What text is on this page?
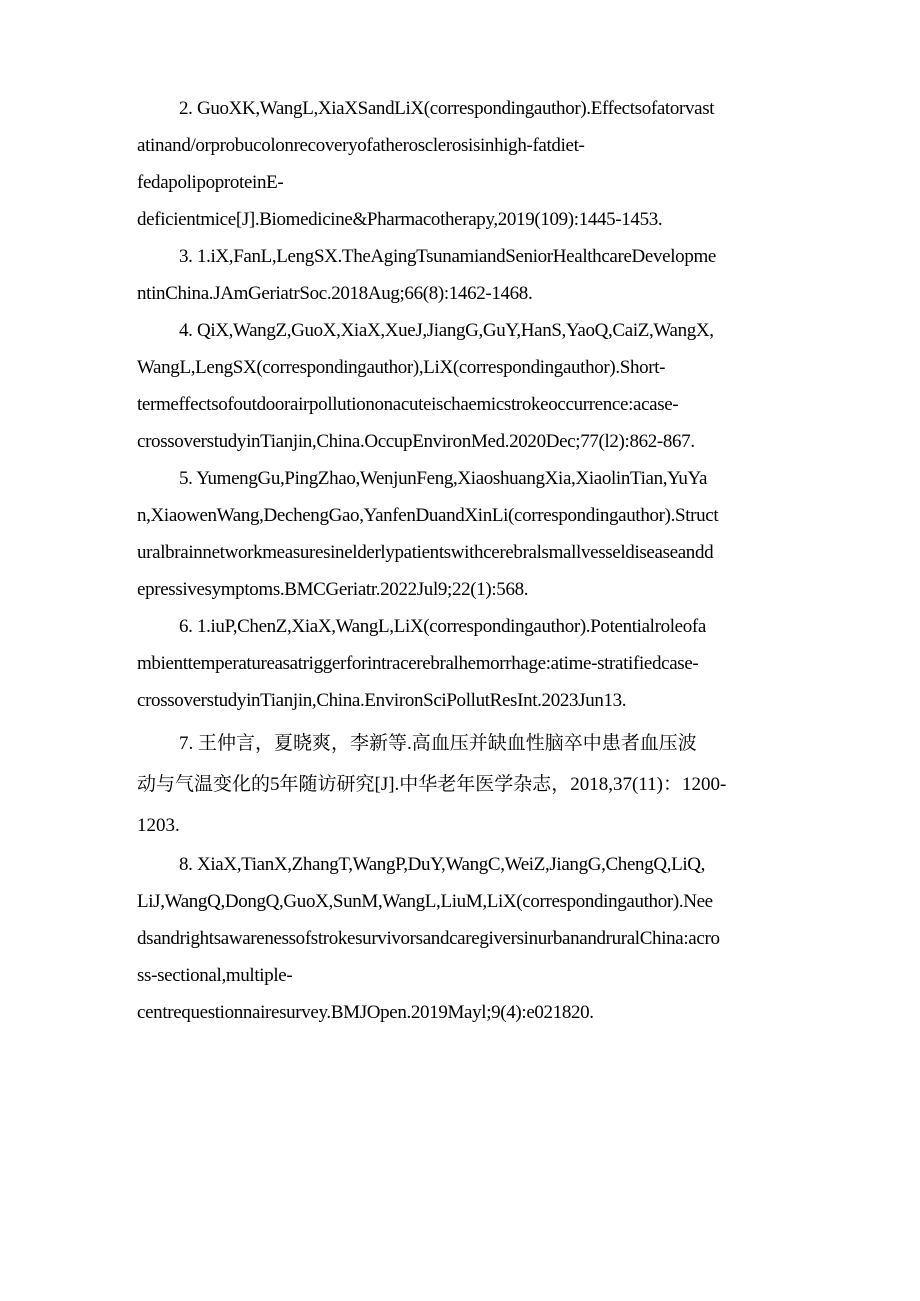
2. GuoXK,WangL,XiaXSandLiX(correspondingauthor).Effectsofatorvast
atinand/orprobucolonrecoveryofatherosclerosisinhigh-fatdiet-
fedapolipoproteinE-
deficientmice[J].Biomedicine&Pharmacotherapy,2019(109):1445-1453.
3. 1.iX,FanL,LengSX.TheAgingTsunamiandSeniorHealthcareDevelopme
ntinChina.JAmGeriatrSoc.2018Aug;66(8):1462-1468.
4. QiX,WangZ,GuoX,XiaX,XueJ,JiangG,GuY,HanS,YaoQ,CaiZ,WangX,
WangL,LengSX(correspondingauthor),LiX(correspondingauthor).Short-
termeffectsofoutdoorairpollutiononacuteischaemicstrokeoccurrence:acase-
crossoverstudyinTianjin,China.OccupEnvironMed.2020Dec;77(l2):862-867.
5. YumengGu,PingZhao,WenjunFeng,XiaoshuangXia,XiaolinTian,YuYa
n,XiaowenWang,DechengGao,YanfenDuandXinLi(correspondingauthor).Struct
uralbrainnetworkmeasuresinelderlypatientswithcerebralsmallvesseldiseaseandd
epressivesymptoms.BMCGeriatr.2022Jul9;22(1):568.
6. 1.iuP,ChenZ,XiaX,WangL,LiX(correspondingauthor).Potentialroleofa
mbienttemperatureasatriggerforintracerebralhemorrhage:atime-stratifiedcase-
crossoverstudyinTianjin,China.EnvironSciPollutResInt.2023Jun13.
7. 王仲言，夏晓爽，李新等.高血压并缺血性脑卒中患者血压波
动与气温变化的5年随访研究[J].中华老年医学杂志，2018,37(11)：1200-
1203.
8. XiaX,TianX,ZhangT,WangP,DuY,WangC,WeiZ,JiangG,ChengQ,LiQ,
LiJ,WangQ,DongQ,GuoX,SunM,WangL,LiuM,LiX(correspondingauthor).Nee
dsandrightsawarenessofstrokesurvivorsandcaregiversinurbanandruralChina:acro
ss-sectional,multiple-
centrequestionnairesurvey.BMJOpen.2019Mayl;9(4):e021820.
